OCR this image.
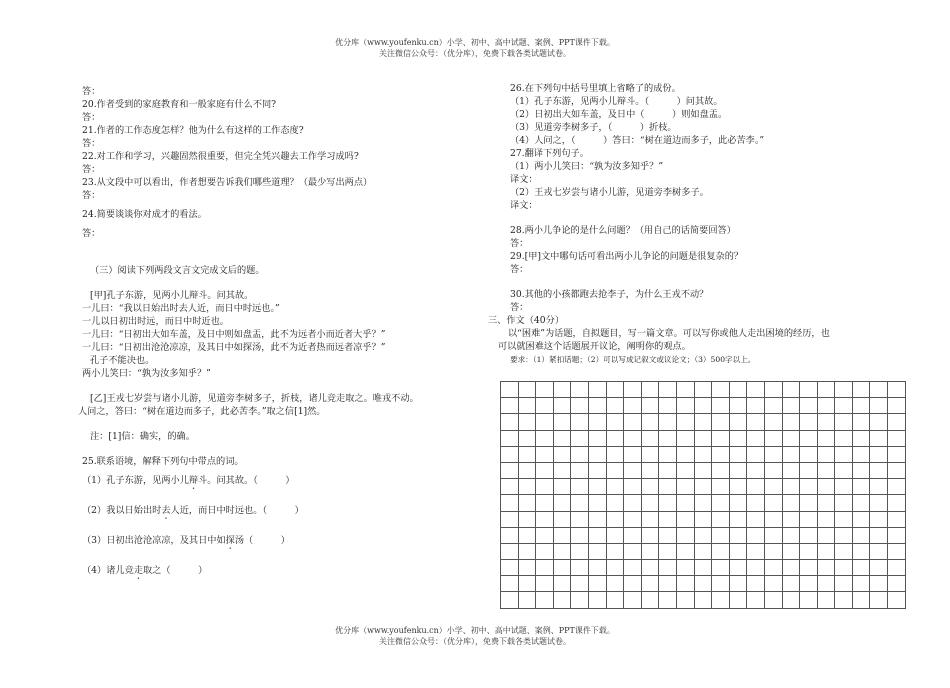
优分库（www.youfenku.cn）小学、初中、高中试题、案例、PPT课件下载。
关注微信公众号：（优分库），免费下载各类试题试卷。
答：
20.作者受到的家庭教育和一般家庭有什么不同?
答：
21.作者的工作态度怎样？他为什么有这样的工作态度?
答：
22.对工作和学习，兴趣固然很重要，但完全凭兴趣去工作学习成吗?
答：
23.从文段中可以看出，作者想要告诉我们哪些道理？（最少写出两点）
答：
24.简要谈谈你对成才的看法。
答：
（三）阅读下列两段文言文完成文后的题。
[甲]孔子东游，见两小儿辩斗。问其故。
一儿曰：“我以日始出时去人近，而日中时远也。”
一儿以日初出时远，而日中时近也。
一儿曰：“日初出大如车盖，及日中则如盘盂，此不为远者小而近者大乎？”
一儿曰：“日初出沧沧凉凉，及其日中如探汤，此不为近者热而远者凉乎？”
孔子不能决也。
两小儿笑曰：“孰为汝多知乎？”
[乙]王戎七岁尝与诸小儿游，见道旁李树多子，折枝，诸儿竞走取之。唯戎不动。
人问之，答曰：“树在道边而多子，此必苦李。”取之信[1]然。
注：[1]信：确实，的确。
25.联系语境，解释下列句中带点的词。
（1）孔子东游，见两小儿辩斗。问其故。（　　　）
（2）我以日始出时去人近，而日中时远也。（　　　）
（3）日初出沧沧凉凉，及其日中如探汤（　　　）
（4）诸儿竞走取之（　　　）
26.在下列句中括号里填上省略了的成份。
（1）孔子东游，见两小儿辩斗。（　　　）问其故。
（2）日初出大如车盖，及日中（　　　）则如盘盂。
（3）见道旁李树多子，（　　　）折枝。
（4）人问之，（　　　）答曰：“树在道边而多子，此必苦李。”
27.翻译下列句子。
（1）两小儿笑曰：“孰为汝多知乎？”
译文：
（2）王戎七岁尝与诸小儿游，见道旁李树多子。
译文：
28.两小儿争论的是什么问题？（用自己的话简要回答）
答：
29.[甲]文中哪句话可看出两小儿争论的问题是很复杂的？
答：
30.其他的小孩都跑去抢李子，为什么王戎不动？
答：
三、作文（40分）
以“困难”为话题，自拟题目，写一篇文章。可以写你或他人走出困境的经历，也
可以就困难这个话题展开议论，阐明你的观点。
要求：（1）紧扣话题；（2）可以写成记叙文或议论文；（3）500字以上。

优分库（www.youfenku.cn）小学、初中、高中试题、案例、PPT课件下载。
关注微信公众号：（优分库），免费下载各类试题试卷。
